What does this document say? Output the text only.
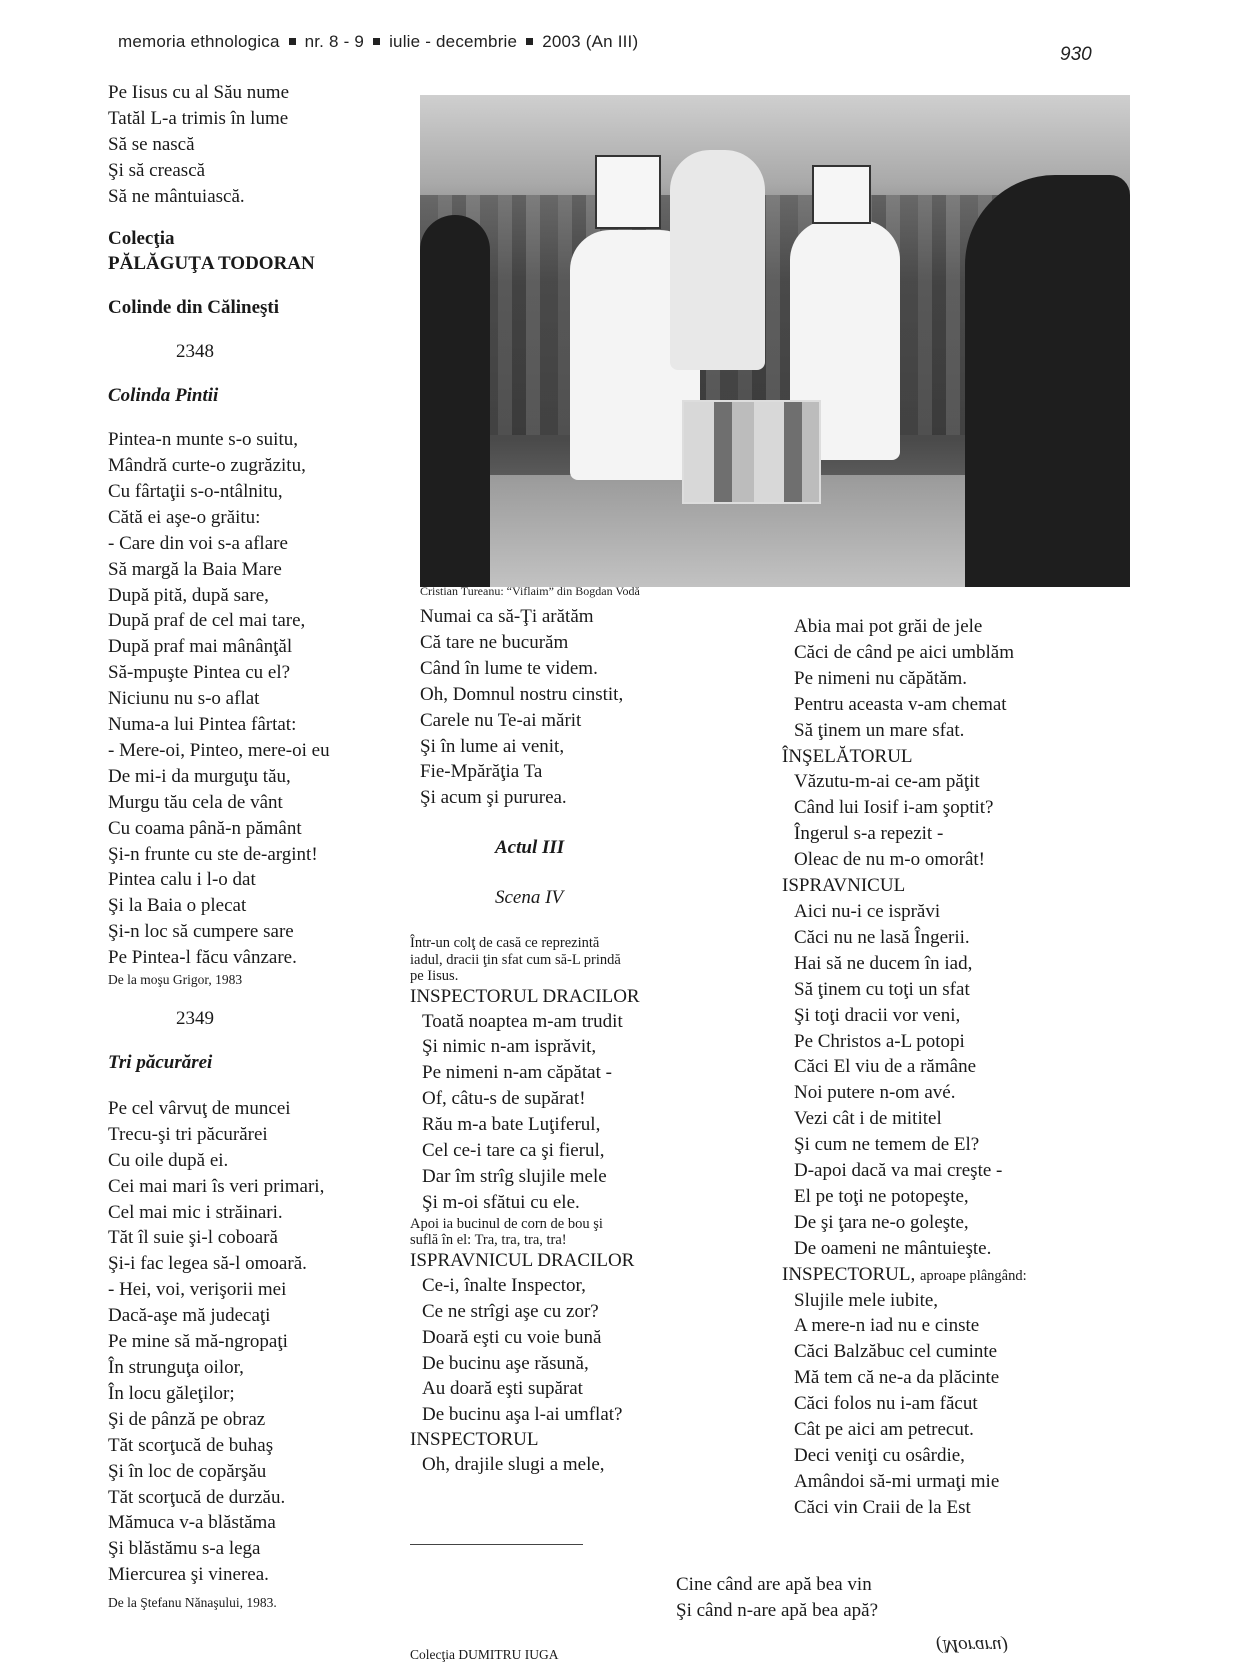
memoria ethnologica nr. 8 - 9 iulie - decembrie 2003 (An III)
930
Pe Iisus cu al Său nume
Tatăl L-a trimis în lume
Să se nască
Şi să crească
Să ne mântuiască.
Colecţia
PĂLĂGUŢA TODORAN
Colinde din Călineşti
2348
Colinda Pintii
Pintea-n munte s-o suitu,
Mândră curte-o zugrăzitu,
Cu fârtaţii s-o-ntâlnitu,
Cătă ei aşe-o grăitu:
- Care din voi s-a aflare
Să margă la Baia Mare
După pită, după sare,
După praf de cel mai tare,
După praf mai mânânţăl
Să-mpuşte Pintea cu el?
Niciunu nu s-o aflat
Numa-a lui Pintea fârtat:
- Mere-oi, Pinteo, mere-oi eu
De mi-i da murguţu tău,
Murgu tău cela de vânt
Cu coama până-n pământ
Şi-n frunte cu ste de-argint!
Pintea calu i l-o dat
Şi la Baia o plecat
Şi-n loc să cumpere sare
Pe Pintea-l făcu vânzare.
De la moşu Grigor, 1983
2349
Tri păcurărei
Pe cel vârvuţ de muncei
Trecu-şi tri păcurărei
Cu oile după ei.
Cei mai mari îs veri primari,
Cel mai mic i străinari.
Tăt îl suie şi-l coboară
Şi-i fac legea să-l omoară.
- Hei, voi, verişorii mei
Dacă-aşe mă judecaţi
Pe mine să mă-ngropaţi
În strunguţa oilor,
În locu găleţilor;
Şi de pânză pe obraz
Tăt scorţucă de buhaş
Şi în loc de copărşău
Tăt scorţucă de durzău.
Mămuca v-a blăstăma
Şi blăstămu s-a lega
Miercurea şi vinerea.
De la Ştefanu Nănaşului, 1983.
Cristian Tureanu: “Viflaim” din Bogdan Vodă
Numai ca să-Ţi arătăm
Că tare ne bucurăm
Când în lume te videm.
Oh, Domnul nostru cinstit,
Carele nu Te-ai mărit
Şi în lume ai venit,
Fie-Mpărăţia Ta
Şi acum şi pururea.
Actul III
Scena IV
Într-un colţ de casă ce reprezintă
iadul, dracii ţin sfat cum să-L prindă
pe Iisus.
INSPECTORUL DRACILOR
Toată noaptea m-am trudit
Şi nimic n-am isprăvit,
Pe nimeni n-am căpătat -
Of, câtu-s de supărat!
Rău m-a bate Luţiferul,
Cel ce-i tare ca şi fierul,
Dar îm strîg slujile mele
Şi m-oi sfătui cu ele.
Apoi ia bucinul de corn de bou şi
suflă în el: Tra, tra, tra, tra!
ISPRAVNICUL DRACILOR
Ce-i, înalte Inspector,
Ce ne strîgi aşe cu zor?
Doară eşti cu voie bună
De bucinu aşe răsună,
Au doară eşti supărat
De bucinu aşa l-ai umflat?
INSPECTORUL
Oh, drajile slugi a mele,
Abia mai pot grăi de jele
Căci de când pe aici umblăm
Pe nimeni nu căpătăm.
Pentru aceasta v-am chemat
Să ţinem un mare sfat.
ÎNŞELĂTORUL
Văzutu-m-ai ce-am păţit
Când lui Iosif i-am şoptit?
Îngerul s-a repezit -
Oleac de nu m-o omorât!
ISPRAVNICUL
Aici nu-i ce isprăvi
Căci nu ne lasă Îngerii.
Hai să ne ducem în iad,
Să ţinem cu toţi un sfat
Şi toţi dracii vor veni,
Pe Christos a-L potopi
Căci El viu de a rămâne
Noi putere n-om avé.
Vezi cât i de mititel
Şi cum ne temem de El?
D-apoi dacă va mai creşte -
El pe toţi ne potopeşte,
De şi ţara ne-o goleşte,
De oameni ne mântuieşte.
INSPECTORUL, aproape plângând:
Slujile mele iubite,
A mere-n iad nu e cinste
Căci Balzăbuc cel cuminte
Mă tem că ne-a da plăcinte
Căci folos nu i-am făcut
Cât pe aici am petrecut.
Deci veniţi cu osârdie,
Amândoi să-mi urmaţi mie
Căci vin Craii de la Est
Cine când are apă bea vin
Şi când n-are apă bea apă?
(Moraru)
Colecţia DUMITRU IUGA
